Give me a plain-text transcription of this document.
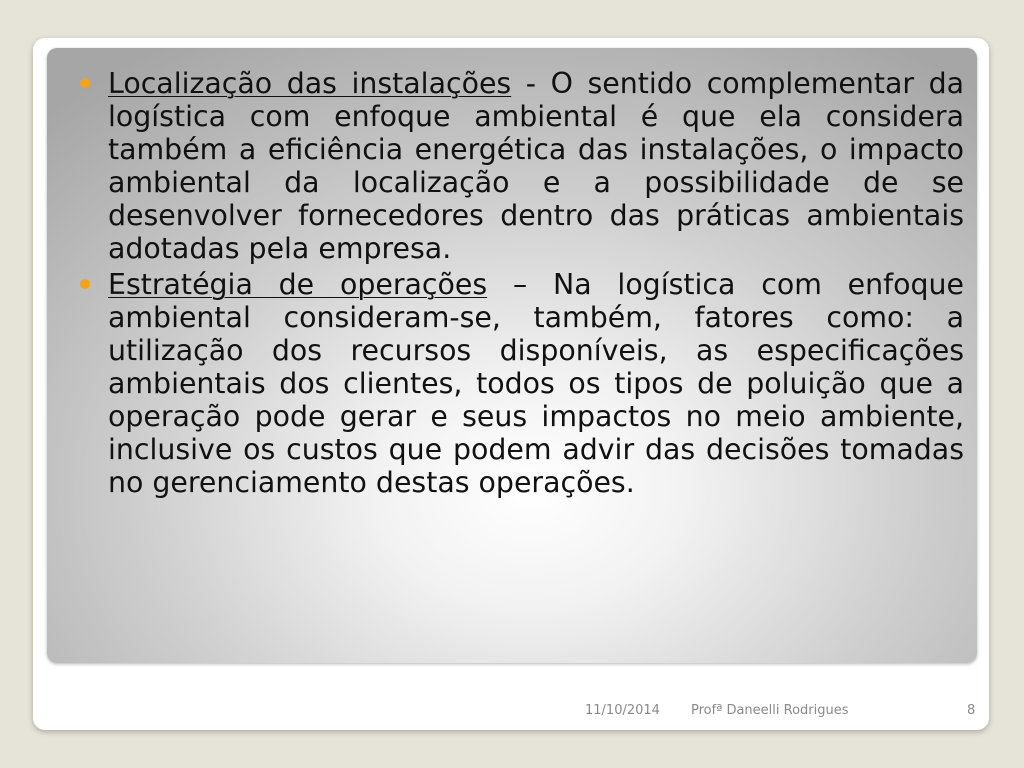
Localização das instalações - O sentido complementar da logística com enfoque ambiental é que ela considera também a eficiência energética das instalações, o impacto ambiental da localização e a possibilidade de se desenvolver fornecedores dentro das práticas ambientais adotadas pela empresa.
Estratégia de operações – Na logística com enfoque ambiental consideram-se, também, fatores como: a utilização dos recursos disponíveis, as especificações ambientais dos clientes, todos os tipos de poluição que a operação pode gerar e seus impactos no meio ambiente, inclusive os custos que podem advir das decisões tomadas no gerenciamento destas operações.
11/10/2014 Profª Daneelli Rodrigues	8
